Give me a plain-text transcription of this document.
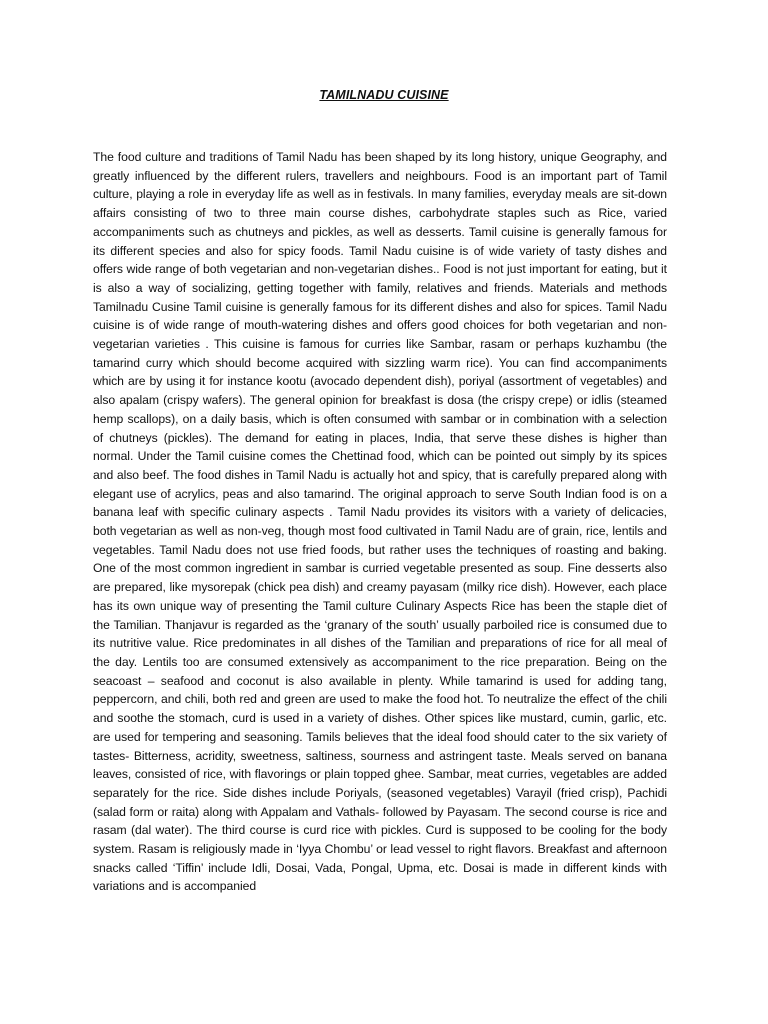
TAMILNADU CUISINE

The food culture and traditions of Tamil Nadu has been shaped by its long history, unique Geography, and greatly influenced by the different rulers, travellers and neighbours. Food is an important part of Tamil culture, playing a role in everyday life as well as in festivals. In many families, everyday meals are sit-down affairs consisting of two to three main course dishes, carbohydrate staples such as Rice, varied accompaniments such as chutneys and pickles, as well as desserts. Tamil cuisine is generally famous for its different species and also for spicy foods. Tamil Nadu cuisine is of wide variety of tasty dishes and offers wide range of both vegetarian and non-vegetarian dishes.. Food is not just important for eating, but it is also a way of socializing, getting together with family, relatives and friends. Materials and methods Tamilnadu Cusine Tamil cuisine is generally famous for its different dishes and also for spices. Tamil Nadu cuisine is of wide range of mouth-watering dishes and offers good choices for both vegetarian and non-vegetarian varieties . This cuisine is famous for curries like Sambar, rasam or perhaps kuzhambu (the tamarind curry which should become acquired with sizzling warm rice). You can find accompaniments which are by using it for instance kootu (avocado dependent dish), poriyal (assortment of vegetables) and also apalam (crispy wafers). The general opinion for breakfast is dosa (the crispy crepe) or idlis (steamed hemp scallops), on a daily basis, which is often consumed with sambar or in combination with a selection of chutneys (pickles). The demand for eating in places, India, that serve these dishes is higher than normal. Under the Tamil cuisine comes the Chettinad food, which can be pointed out simply by its spices and also beef. The food dishes in Tamil Nadu is actually hot and spicy, that is carefully prepared along with elegant use of acrylics, peas and also tamarind. The original approach to serve South Indian food is on a banana leaf with specific culinary aspects . Tamil Nadu provides its visitors with a variety of delicacies, both vegetarian as well as non-veg, though most food cultivated in Tamil Nadu are of grain, rice, lentils and vegetables. Tamil Nadu does not use fried foods, but rather uses the techniques of roasting and baking. One of the most common ingredient in sambar is curried vegetable presented as soup. Fine desserts also are prepared, like mysorepak (chick pea dish) and creamy payasam (milky rice dish). However, each place has its own unique way of presenting the Tamil culture Culinary Aspects Rice has been the staple diet of the Tamilian. Thanjavur is regarded as the ‘granary of the south’ usually parboiled rice is consumed due to its nutritive value. Rice predominates in all dishes of the Tamilian and preparations of rice for all meal of the day. Lentils too are consumed extensively as accompaniment to the rice preparation. Being on the seacoast – seafood and coconut is also available in plenty. While tamarind is used for adding tang, peppercorn, and chili, both red and green are used to make the food hot. To neutralize the effect of the chili and soothe the stomach, curd is used in a variety of dishes. Other spices like mustard, cumin, garlic, etc. are used for tempering and seasoning. Tamils believes that the ideal food should cater to the six variety of tastes- Bitterness, acridity, sweetness, saltiness, sourness and astringent taste. Meals served on banana leaves, consisted of rice, with flavorings or plain topped ghee. Sambar, meat curries, vegetables are added separately for the rice. Side dishes include Poriyals, (seasoned vegetables) Varayil (fried crisp), Pachidi (salad form or raita) along with Appalam and Vathals- followed by Payasam. The second course is rice and rasam (dal water). The third course is curd rice with pickles. Curd is supposed to be cooling for the body system. Rasam is religiously made in ‘Iyya Chombu’ or lead vessel to right flavors. Breakfast and afternoon snacks called ‘Tiffin’ include Idli, Dosai, Vada, Pongal, Upma, etc. Dosai is made in different kinds with variations and is accompanied
